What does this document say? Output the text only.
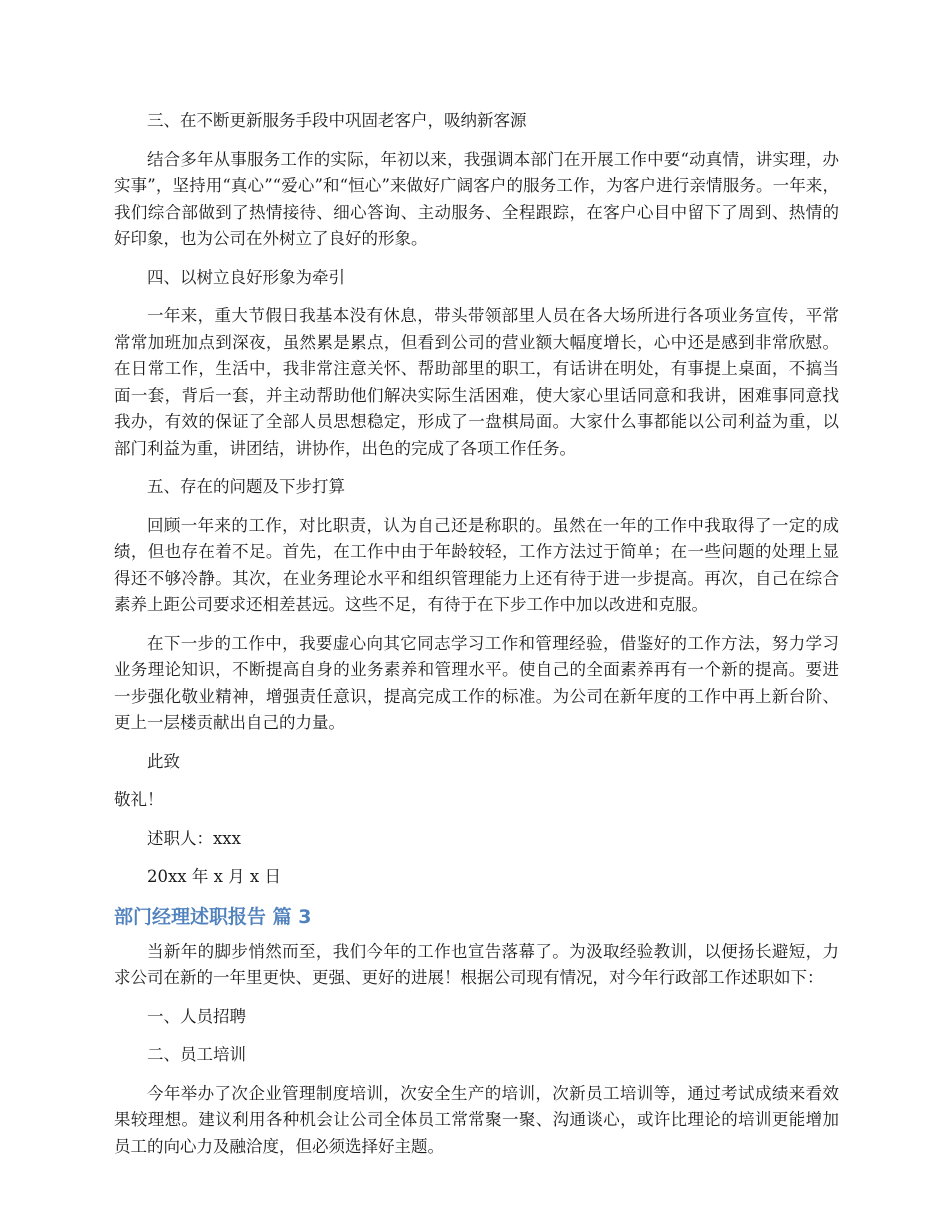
三、在不断更新服务手段中巩固老客户，吸纳新客源

结合多年从事服务工作的实际，年初以来，我强调本部门在开展工作中要“动真情，讲实理，办实事”，坚持用“真心”“爱心”和“恒心”来做好广阔客户的服务工作，为客户进行亲情服务。一年来，我们综合部做到了热情接待、细心答询、主动服务、全程跟踪，在客户心目中留下了周到、热情的好印象，也为公司在外树立了良好的形象。

四、以树立良好形象为牵引

一年来，重大节假日我基本没有休息，带头带领部里人员在各大场所进行各项业务宣传，平常常常加班加点到深夜，虽然累是累点，但看到公司的营业额大幅度增长，心中还是感到非常欣慰。在日常工作，生活中，我非常注意关怀、帮助部里的职工，有话讲在明处，有事提上桌面，不搞当面一套，背后一套，并主动帮助他们解决实际生活困难，使大家心里话同意和我讲，困难事同意找我办，有效的保证了全部人员思想稳定，形成了一盘棋局面。大家什么事都能以公司利益为重，以部门利益为重，讲团结，讲协作，出色的完成了各项工作任务。

五、存在的问题及下步打算

回顾一年来的工作，对比职责，认为自己还是称职的。虽然在一年的工作中我取得了一定的成绩，但也存在着不足。首先，在工作中由于年龄较轻，工作方法过于简单；在一些问题的处理上显得还不够冷静。其次，在业务理论水平和组织管理能力上还有待于进一步提高。再次，自己在综合素养上距公司要求还相差甚远。这些不足，有待于在下步工作中加以改进和克服。

在下一步的工作中，我要虚心向其它同志学习工作和管理经验，借鉴好的工作方法，努力学习业务理论知识，不断提高自身的业务素养和管理水平。使自己的全面素养再有一个新的提高。要进一步强化敬业精神，增强责任意识，提高完成工作的标准。为公司在新年度的工作中再上新台阶、更上一层楼贡献出自己的力量。

此致

敬礼！

述职人：xxx

20xx 年 x 月 x 日

部门经理述职报告 篇 3

当新年的脚步悄然而至，我们今年的工作也宣告落幕了。为汲取经验教训，以便扬长避短，力求公司在新的一年里更快、更强、更好的进展！根据公司现有情况，对今年行政部工作述职如下：

一、人员招聘

二、员工培训

今年举办了次企业管理制度培训，次安全生产的培训，次新员工培训等，通过考试成绩来看效果较理想。建议利用各种机会让公司全体员工常常聚一聚、沟通谈心，或许比理论的培训更能增加员工的向心力及融洽度，但必须选择好主题。
